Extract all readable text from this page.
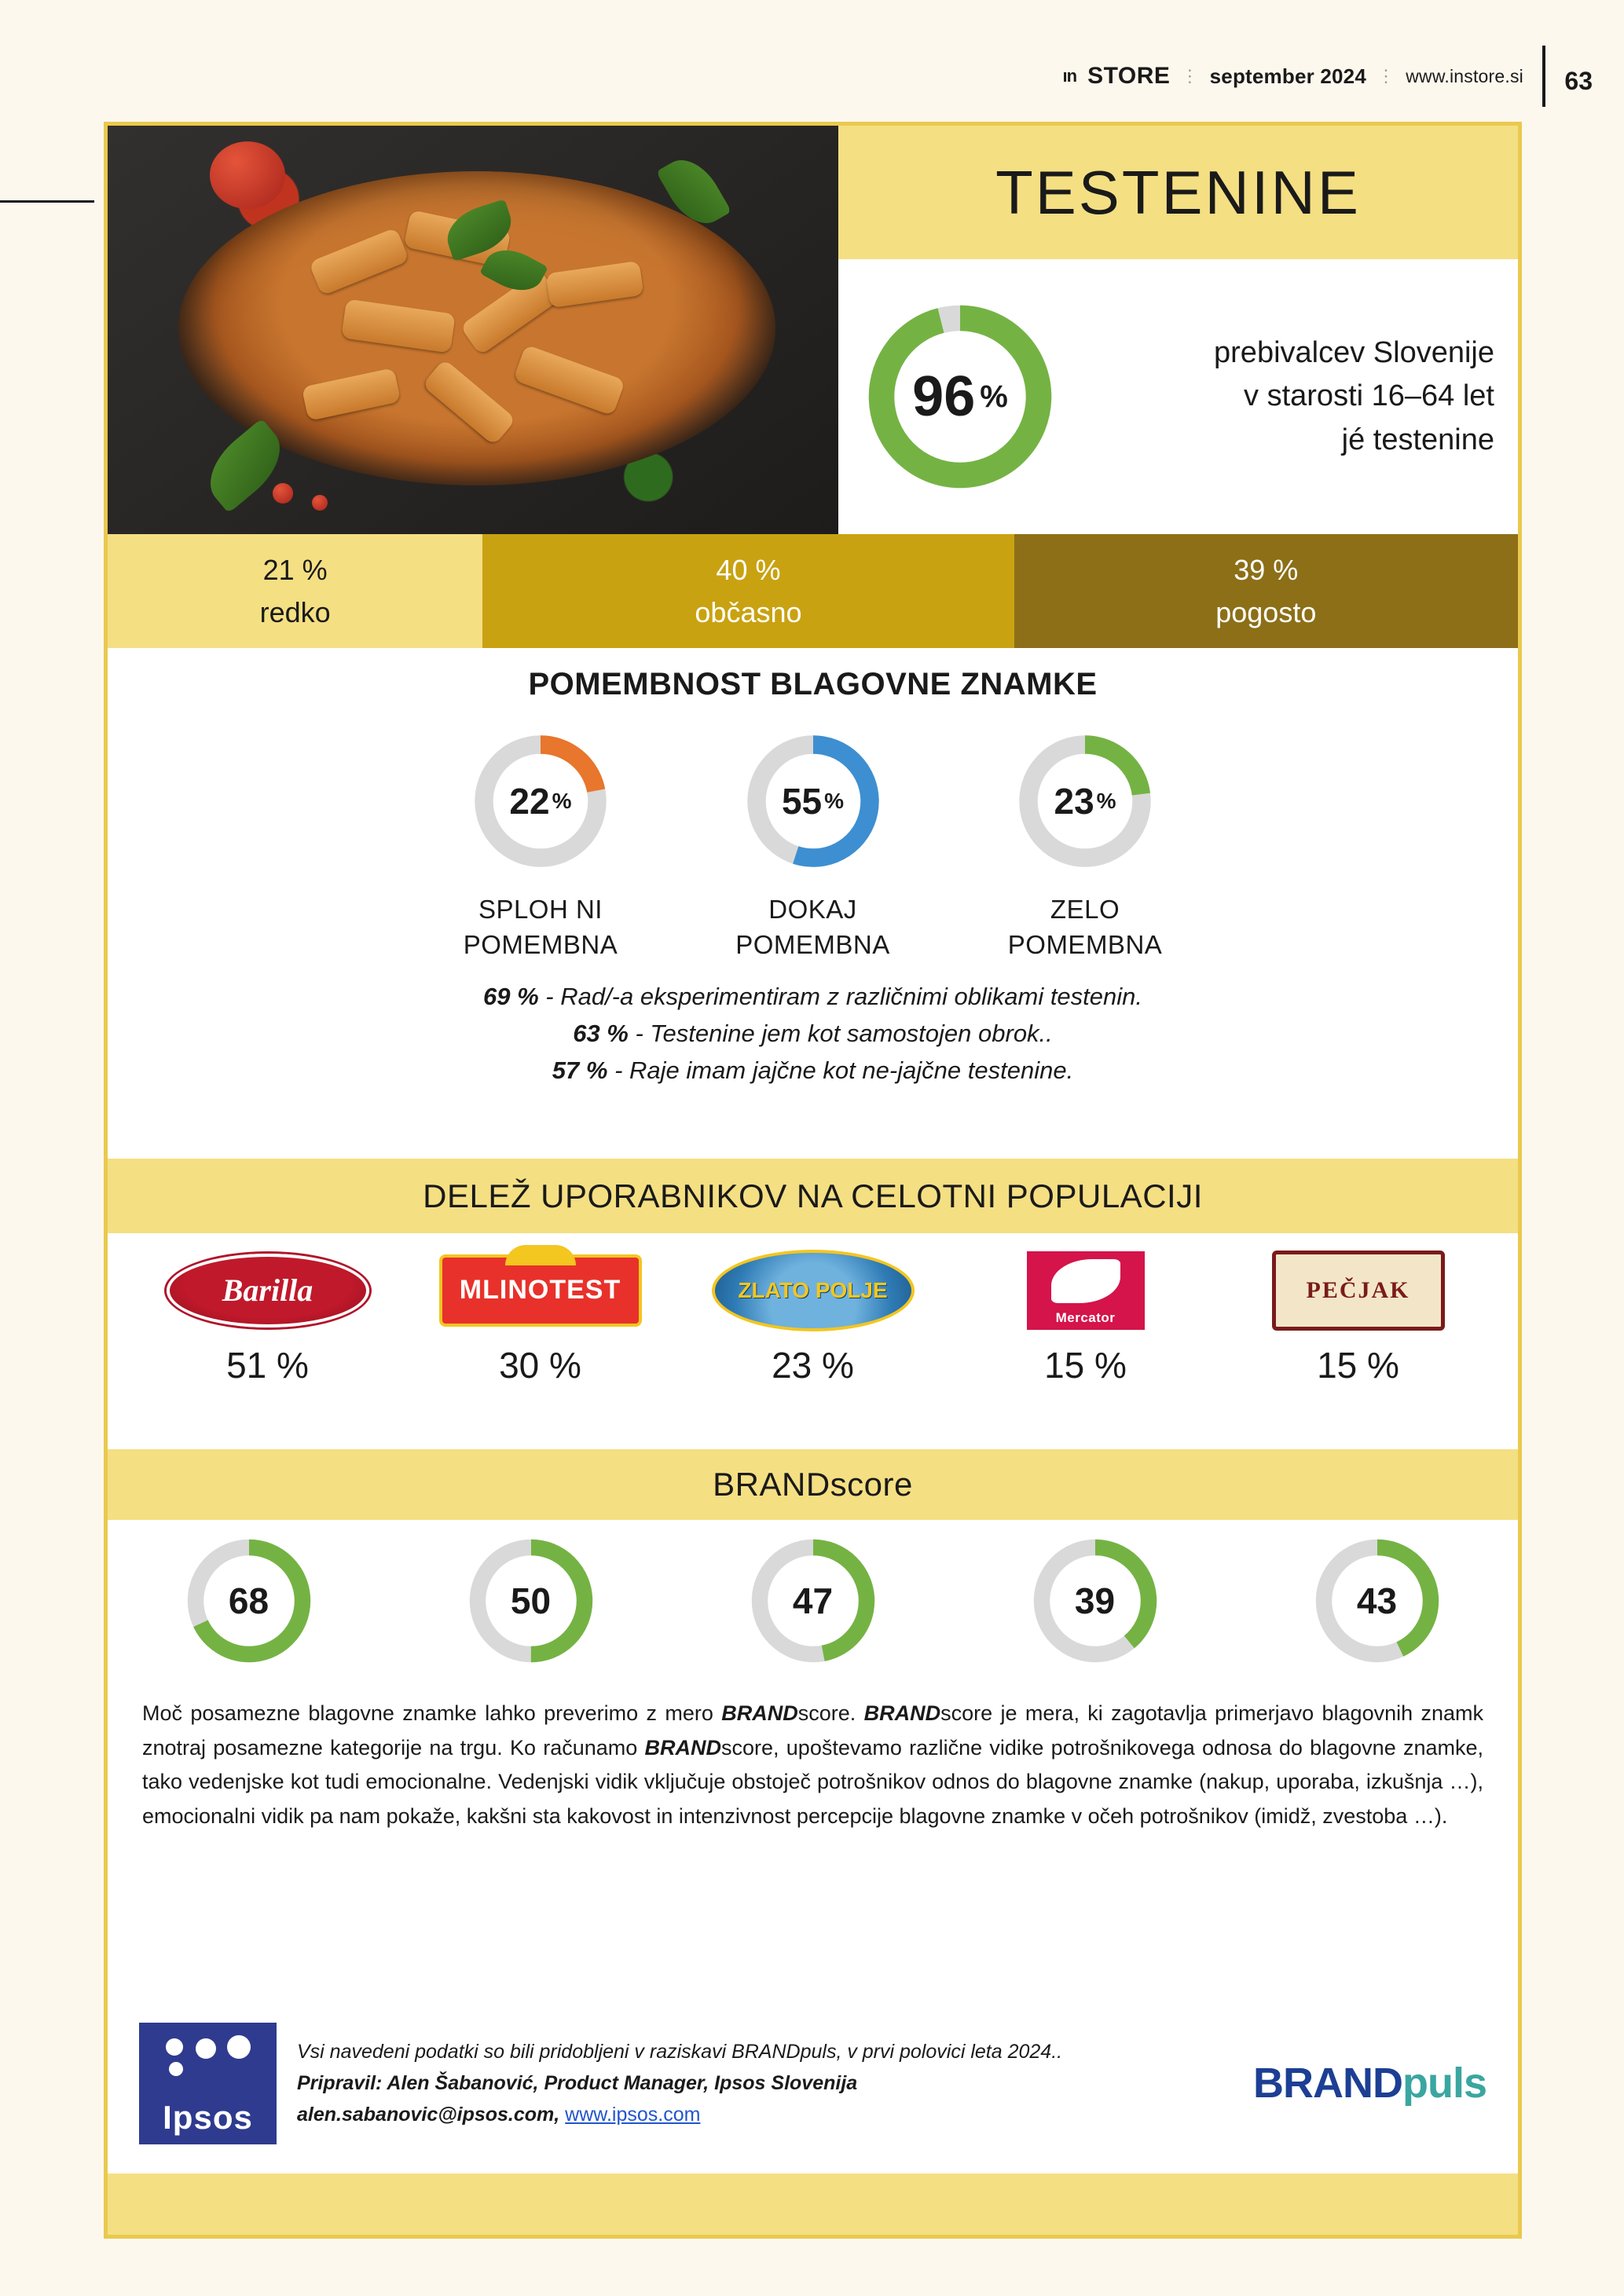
ın STORE ⋮ september 2024 ⋮ www.instore.si 63
TESTENINE
96 %
prebivalcev Slovenije
v starosti 16–64 let
jé testenine
21 %
redko
40 %
občasno
39 %
pogosto
POMEMBNOST BLAGOVNE ZNAMKE
22 %
SPLOH NI
POMEMBNA
55 %
DOKAJ
POMEMBNA
23 %
ZELO
POMEMBNA
69 % - Rad/-a eksperimentiram z različnimi oblikami testenin.
63 % - Testenine jem kot samostojen obrok..
57 % - Raje imam jajčne kot ne-jajčne testenine.
DELEŽ UPORABNIKOV NA CELOTNI POPULACIJI
Barilla
51 %
MLINOTEST
30 %
ZLATO POLJE
23 %
Mercator
15 %
PEČJAK
15 %
BRANDscore
68	50	47	39	43
Moč posamezne blagovne znamke lahko preverimo z mero BRANDscore. BRANDscore je mera, ki zagotavlja primerjavo blagovnih znamk znotraj posamezne kategorije na trgu. Ko računamo BRANDscore, upoštevamo različne vidike potrošnikovega odnosa do blagovne znamke, tako vedenjske kot tudi emocionalne. Vedenjski vidik vključuje obstoječ potrošnikov odnos do blagovne znamke (nakup, uporaba, izkušnja …), emocionalni vidik pa nam pokaže, kakšni sta kakovost in intenzivnost percepcije blagovne znamke v očeh potrošnikov (imidž, zvestoba …).
Ipsos
Vsi navedeni podatki so bili pridobljeni v raziskavi BRANDpuls, v prvi polovici leta 2024..
Pripravil: Alen Šabanović, Product Manager, Ipsos Slovenija
alen.sabanovic@ipsos.com, www.ipsos.com
BRANDpuls
